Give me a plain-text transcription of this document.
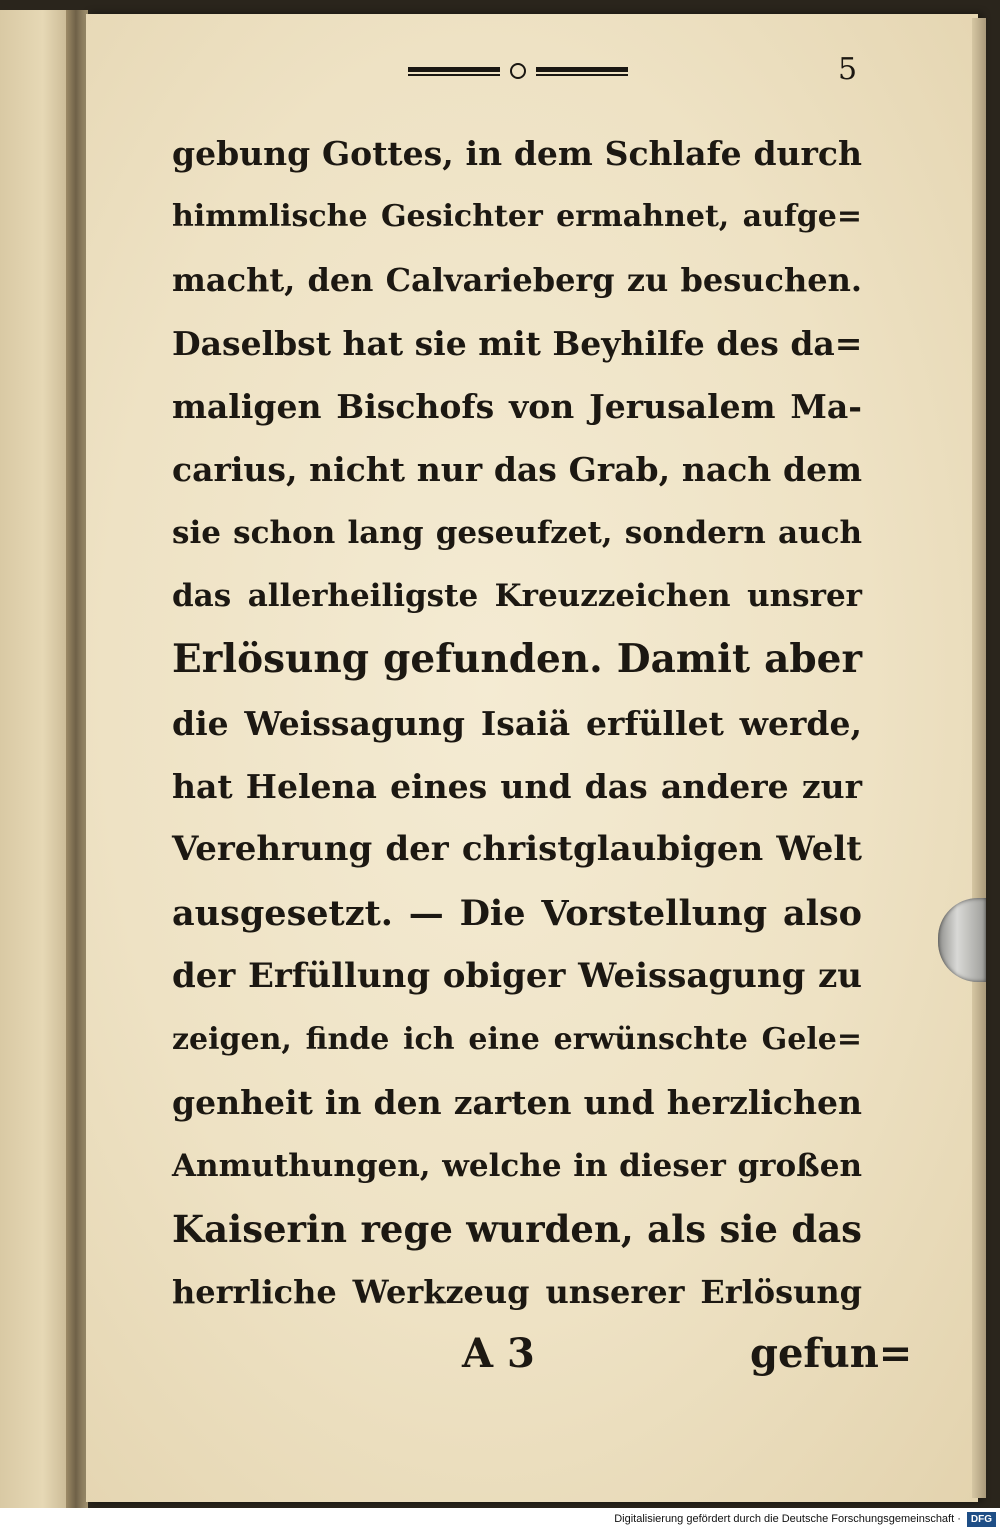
5
gebung Gottes, in dem Schlafe durch
himmlische Gesichter ermahnet, aufge=
macht, den Calvarieberg zu besuchen.
Daselbst hat sie mit Beyhilfe des da=
maligen Bischofs von Jerusalem Ma-
carius, nicht nur das Grab, nach dem
sie schon lang geseufzet, sondern auch
das allerheiligste Kreuzzeichen unsrer
Erlösung gefunden. Damit aber
die Weissagung Isaiä erfüllet werde,
hat Helena eines und das andere zur
Verehrung der christglaubigen Welt
ausgesetzt. — Die Vorstellung also
der Erfüllung obiger Weissagung zu
zeigen, finde ich eine erwünschte Gele=
genheit in den zarten und herzlichen
Anmuthungen, welche in dieser großen
Kaiserin rege wurden, als sie das
herrliche Werkzeug unserer Erlösung
A 3	gefun=
Digitalisierung gefördert durch die Deutsche Forschungsgemeinschaft ·	DFG
